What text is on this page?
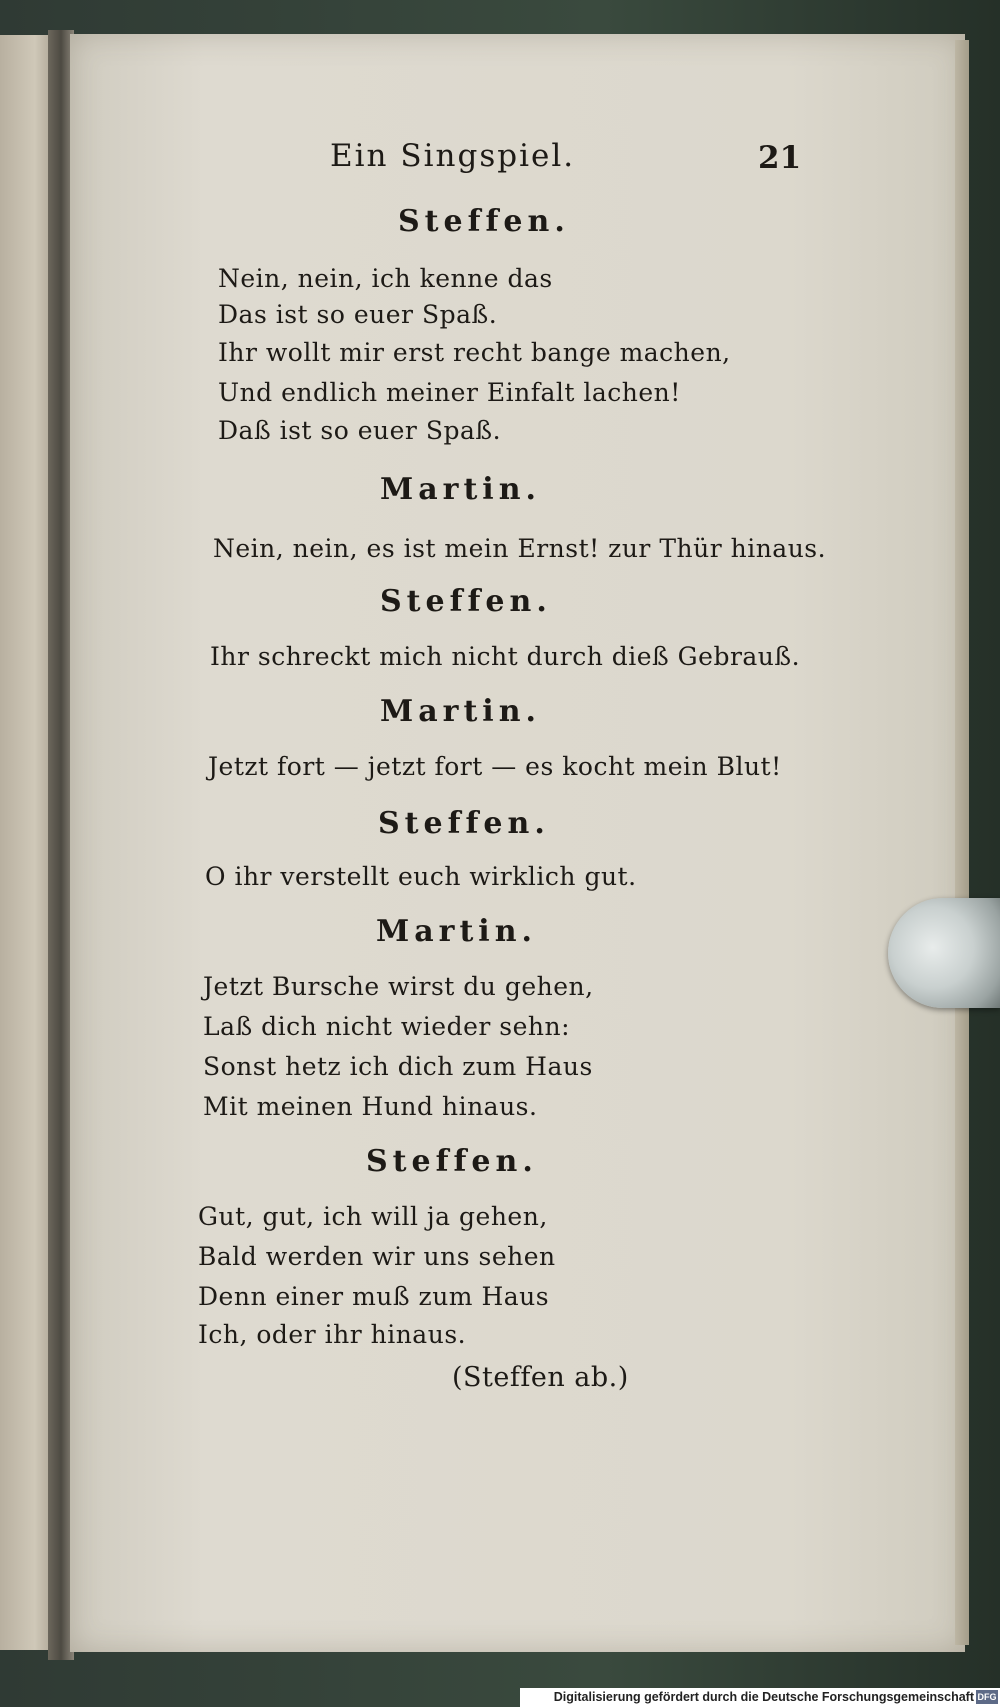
Ein Singspiel.	21
Steffen.
Nein, nein, ich kenne das
Das ist so euer Spaß.
Ihr wollt mir erst recht bange machen,
Und endlich meiner Einfalt lachen!
Daß ist so euer Spaß.
Martin.
Nein, nein, es ist mein Ernst! zur Thür hinaus.
Steffen.
Ihr schreckt mich nicht durch dieß Gebrauß.
Martin.
Jetzt fort — jetzt fort — es kocht mein Blut!
Steffen.
O ihr verstellt euch wirklich gut.
Martin.
Jetzt Bursche wirst du gehen,
Laß dich nicht wieder sehn:
Sonst hetz ich dich zum Haus
Mit meinen Hund hinaus.
Steffen.
Gut, gut, ich will ja gehen,
Bald werden wir uns sehen
Denn einer muß zum Haus
Ich, oder ihr hinaus.
(Steffen ab.)
Digitalisierung gefördert durch die Deutsche Forschungsgemeinschaft DFG
